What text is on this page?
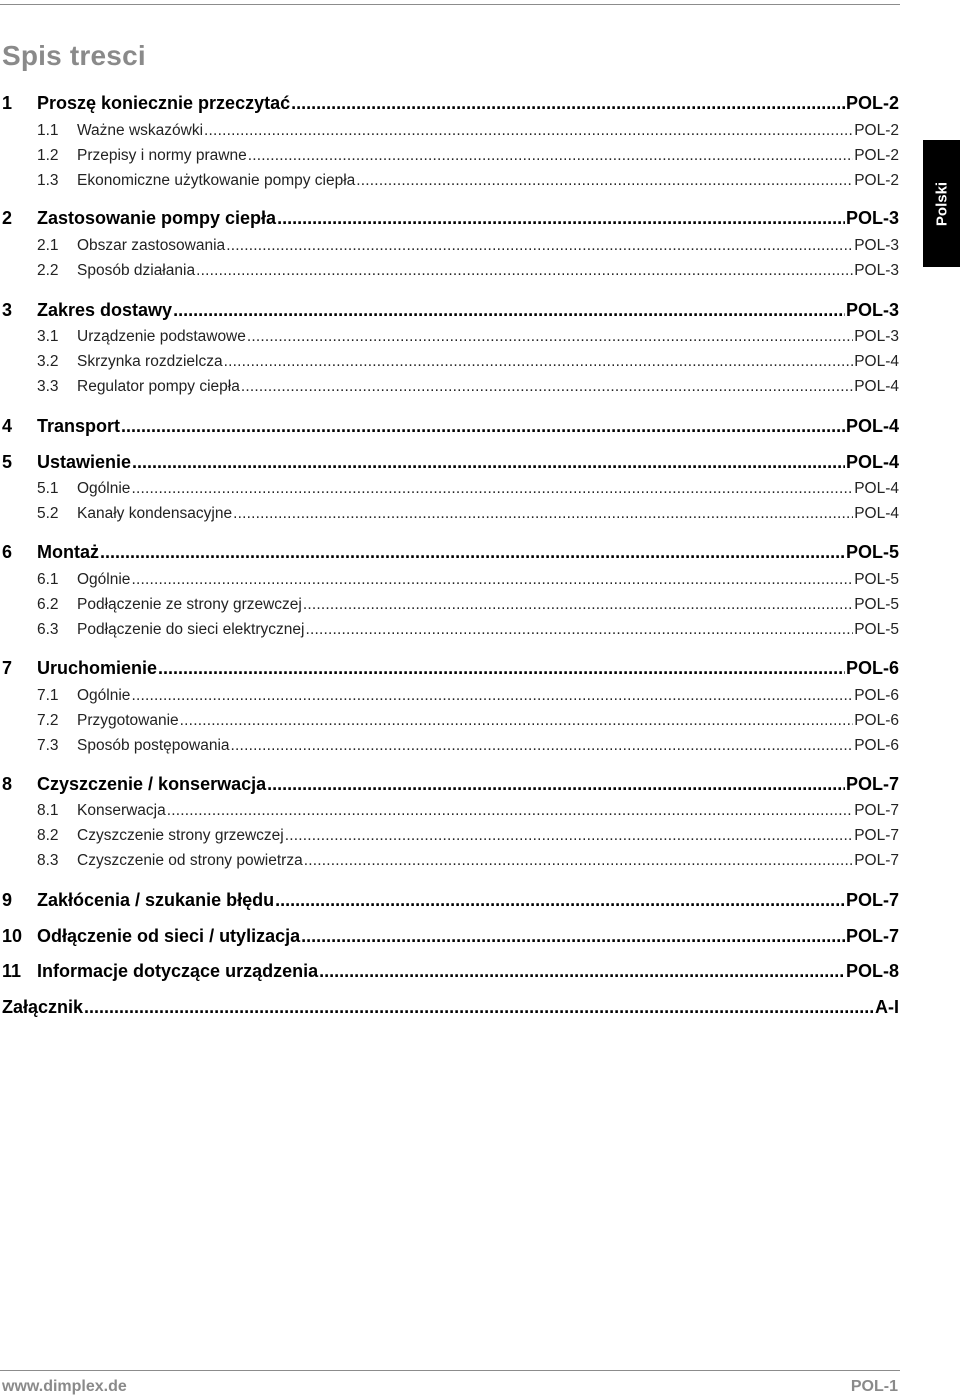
Spis tresci
Polski
1	Proszę koniecznie przeczytać .....	POL-2
1.1	Ważne wskazówki .....	POL-2
1.2	Przepisy i normy prawne .....	POL-2
1.3	Ekonomiczne użytkowanie pompy ciepła .....	POL-2
2	Zastosowanie pompy ciepła .....	POL-3
2.1	Obszar zastosowania .....	POL-3
2.2	Sposób działania .....	POL-3
3	Zakres dostawy .....	POL-3
3.1	Urządzenie podstawowe .....	POL-3
3.2	Skrzynka rozdzielcza .....	POL-4
3.3	Regulator pompy ciepła .....	POL-4
4	Transport .....	POL-4
5	Ustawienie .....	POL-4
5.1	Ogólnie .....	POL-4
5.2	Kanały kondensacyjne .....	POL-4
6	Montaż .....	POL-5
6.1	Ogólnie .....	POL-5
6.2	Podłączenie ze strony grzewczej .....	POL-5
6.3	Podłączenie do sieci elektrycznej .....	POL-5
7	Uruchomienie .....	POL-6
7.1	Ogólnie .....	POL-6
7.2	Przygotowanie .....	POL-6
7.3	Sposób postępowania .....	POL-6
8	Czyszczenie / konserwacja .....	POL-7
8.1	Konserwacja .....	POL-7
8.2	Czyszczenie strony grzewczej .....	POL-7
8.3	Czyszczenie od strony powietrza .....	POL-7
9	Zakłócenia / szukanie błędu .....	POL-7
10 Odłączenie od sieci / utylizacja .....	POL-7
11 Informacje dotyczące urządzenia .....	POL-8
Załącznik .....	A-I
www.dimplex.de	POL-1
